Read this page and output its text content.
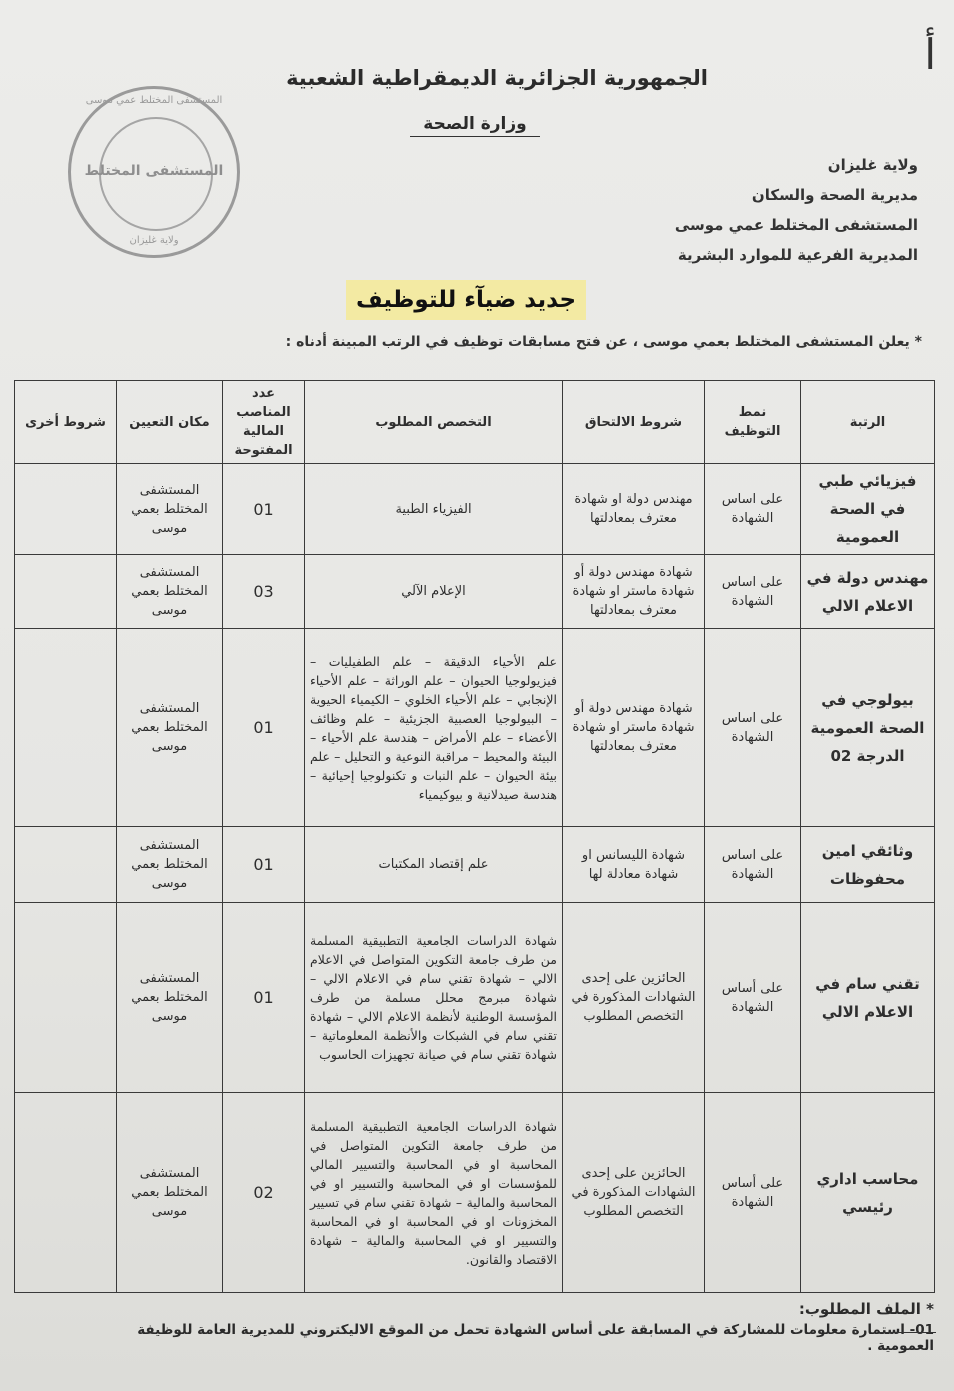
أ
الجمهورية الجزائرية الديمقراطية الشعبية
وزارة الصحة
المستشفى المختلط عمي موسى
المستشفى المختلط
ولاية غليزان
ولاية غليزان
مديرية الصحة والسكان
المستشفى المختلط عمي موسى
المديرية الفرعية للموارد البشرية
جديد ضيآء للتوظيف
* يعلن المستشفى المختلط بعمي موسى ، عن فتح مسابقات توظيف في الرتب المبينة أدناه :
الرتبة	نمط التوظيف	شروط الالتحاق	التخصص المطلوب	عدد المناصب المالية المفتوحة	مكان التعيين	شروط أخرى
فيزيائي طبي في الصحة العمومية	على اساس الشهادة	مهندس دولة او شهادة معترف بمعادلتها	الفيزياء الطبية	01	المستشفى المختلط بعمي موسى	
مهندس دولة في الاعلام الالي	على اساس الشهادة	شهادة مهندس دولة أو شهادة ماستر او شهادة معترف بمعادلتها	الإعلام الآلي	03	المستشفى المختلط بعمي موسى	
بيولوجي في الصحة العمومية الدرجة 02	على اساس الشهادة	شهادة مهندس دولة أو شهادة ماستر او شهادة معترف بمعادلتها	علم الأحياء الدقيقة – علم الطفيليات – فيزيولوجيا الحيوان – علم الوراثة – علم الأحياء الإنجابي – علم الأحياء الخلوي – الكيمياء الحيوية – البيولوجيا العصبية الجزيئية – علم وظائف الأعضاء – علم الأمراض – هندسة علم الأحياء – البيئة والمحيط – مراقبة النوعية و التحليل – علم بيئة الحيوان – علم النبات و تكنولوجيا إحيائية – هندسة صيدلانية و بيوكيمياء	01	المستشفى المختلط بعمي موسى	
وثائقي امين محفوظات	على اساس الشهادة	شهادة الليسانس او شهادة معادلة لها	علم إقتصاد المكتبات	01	المستشفى المختلط بعمي موسى	
تقني سام في الاعلام الالي	على أساس الشهادة	الحائزين على إحدى الشهادات المذكورة في التخصص المطلوب	شهادة الدراسات الجامعية التطبيقية المسلمة من طرف جامعة التكوين المتواصل في الاعلام الالي – شهادة تقني سام في الاعلام الالي – شهادة مبرمج محلل مسلمة من طرف المؤسسة الوطنية لأنظمة الاعلام الالي – شهادة تقني سام في الشبكات والأنظمة المعلوماتية – شهادة تقني سام في صيانة تجهيزات الحاسوب	01	المستشفى المختلط بعمي موسى	
محاسب اداري رئيسي	على أساس الشهادة	الحائزين على إحدى الشهادات المذكورة في التخصص المطلوب	شهادة الدراسات الجامعية التطبيقية المسلمة من طرف جامعة التكوين المتواصل في المحاسبة او في المحاسبة والتسيير المالي للمؤسسات او في المحاسبة والتسيير او في المحاسبة والمالية – شهادة تقني سام في تسيير المخزونات او في المحاسبة او في المحاسبة والتسيير او في المحاسبة والمالية – شهادة الاقتصاد والقانون.	02	المستشفى المختلط بعمي موسى	
* الملف المطلوب:
01- استمارة معلومات للمشاركة في المسابقة على أساس الشهادة تحمل من الموقع الاليكتروني للمديرية العامة للوظيفة العمومية .
